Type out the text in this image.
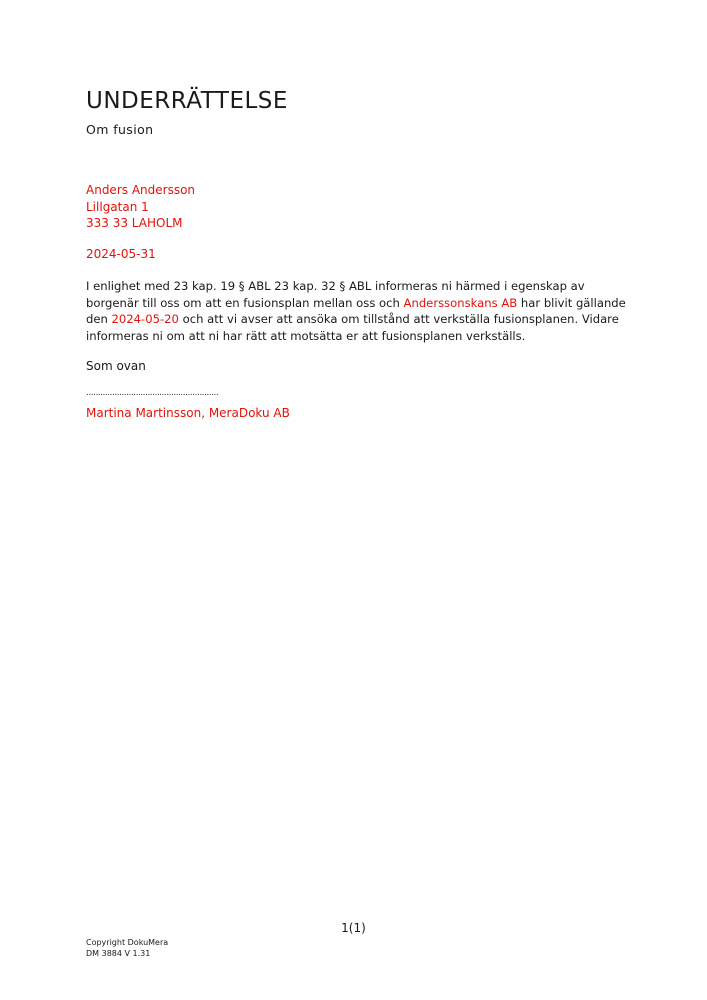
UNDERRÄTTELSE
Om fusion
Anders Andersson
Lillgatan 1
333 33 LAHOLM
2024-05-31

I enlighet med 23 kap. 19 § ABL 23 kap. 32 § ABL informeras ni härmed i egenskap av borgenär till oss om att en fusionsplan mellan oss och Anderssonskans AB har blivit gällande den 2024-05-20 och att vi avser att ansöka om tillstånd att verkställa fusionsplanen. Vidare informeras ni om att ni har rätt att motsätta er att fusionsplanen verkställs.

Som ovan
........................................................
Martina Martinsson, MeraDoku AB
1(1)
Copyright DokuMera
DM 3884 V 1.31
